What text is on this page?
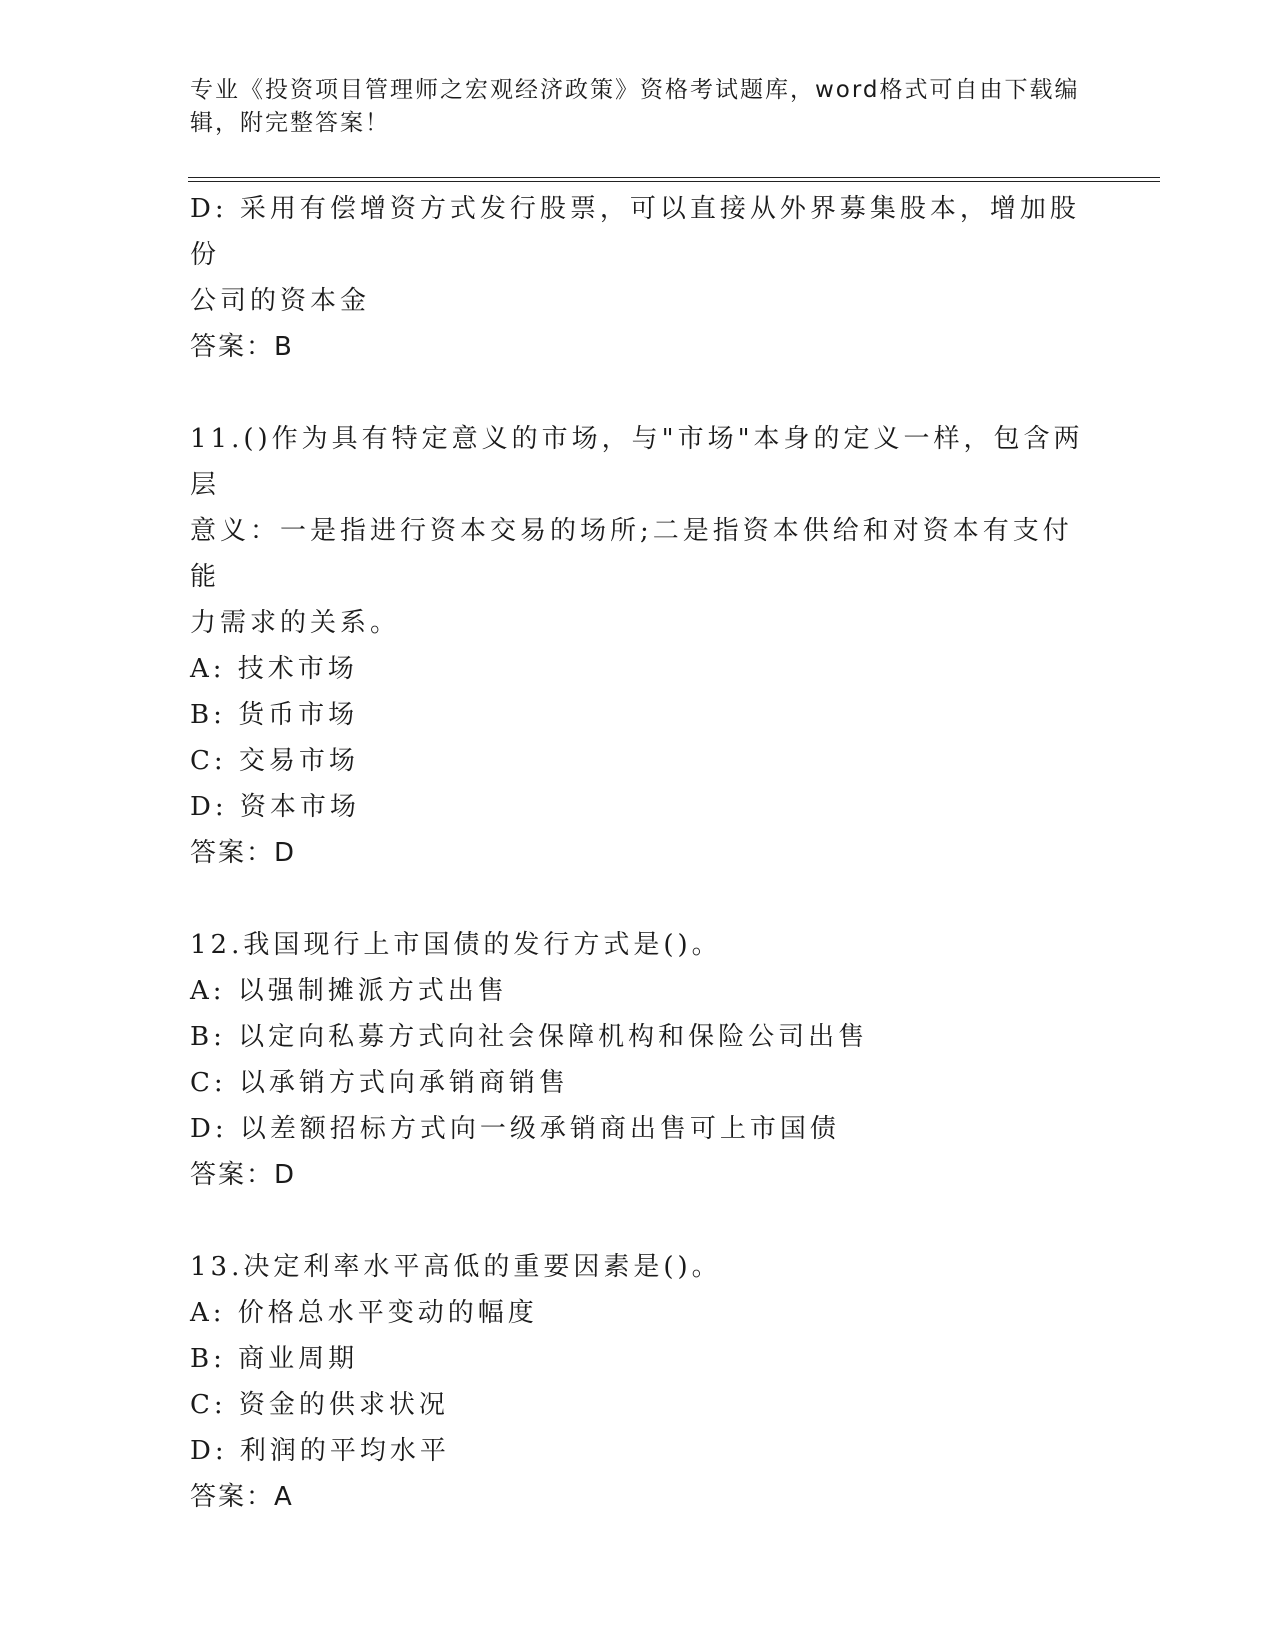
专业《投资项目管理师之宏观经济政策》资格考试题库，word格式可自由下载编
辑，附完整答案！
D: 采用有偿增资方式发行股票，可以直接从外界募集股本，增加股份
公司的资本金
答案：B
11.()作为具有特定意义的市场，与"市场"本身的定义一样，包含两层
意义：一是指进行资本交易的场所;二是指资本供给和对资本有支付能
力需求的关系。
A: 技术市场
B: 货币市场
C: 交易市场
D: 资本市场
答案：D
12.我国现行上市国债的发行方式是()。
A: 以强制摊派方式出售
B: 以定向私募方式向社会保障机构和保险公司出售
C: 以承销方式向承销商销售
D: 以差额招标方式向一级承销商出售可上市国债
答案：D
13.决定利率水平高低的重要因素是()。
A: 价格总水平变动的幅度
B: 商业周期
C: 资金的供求状况
D: 利润的平均水平
答案：A
